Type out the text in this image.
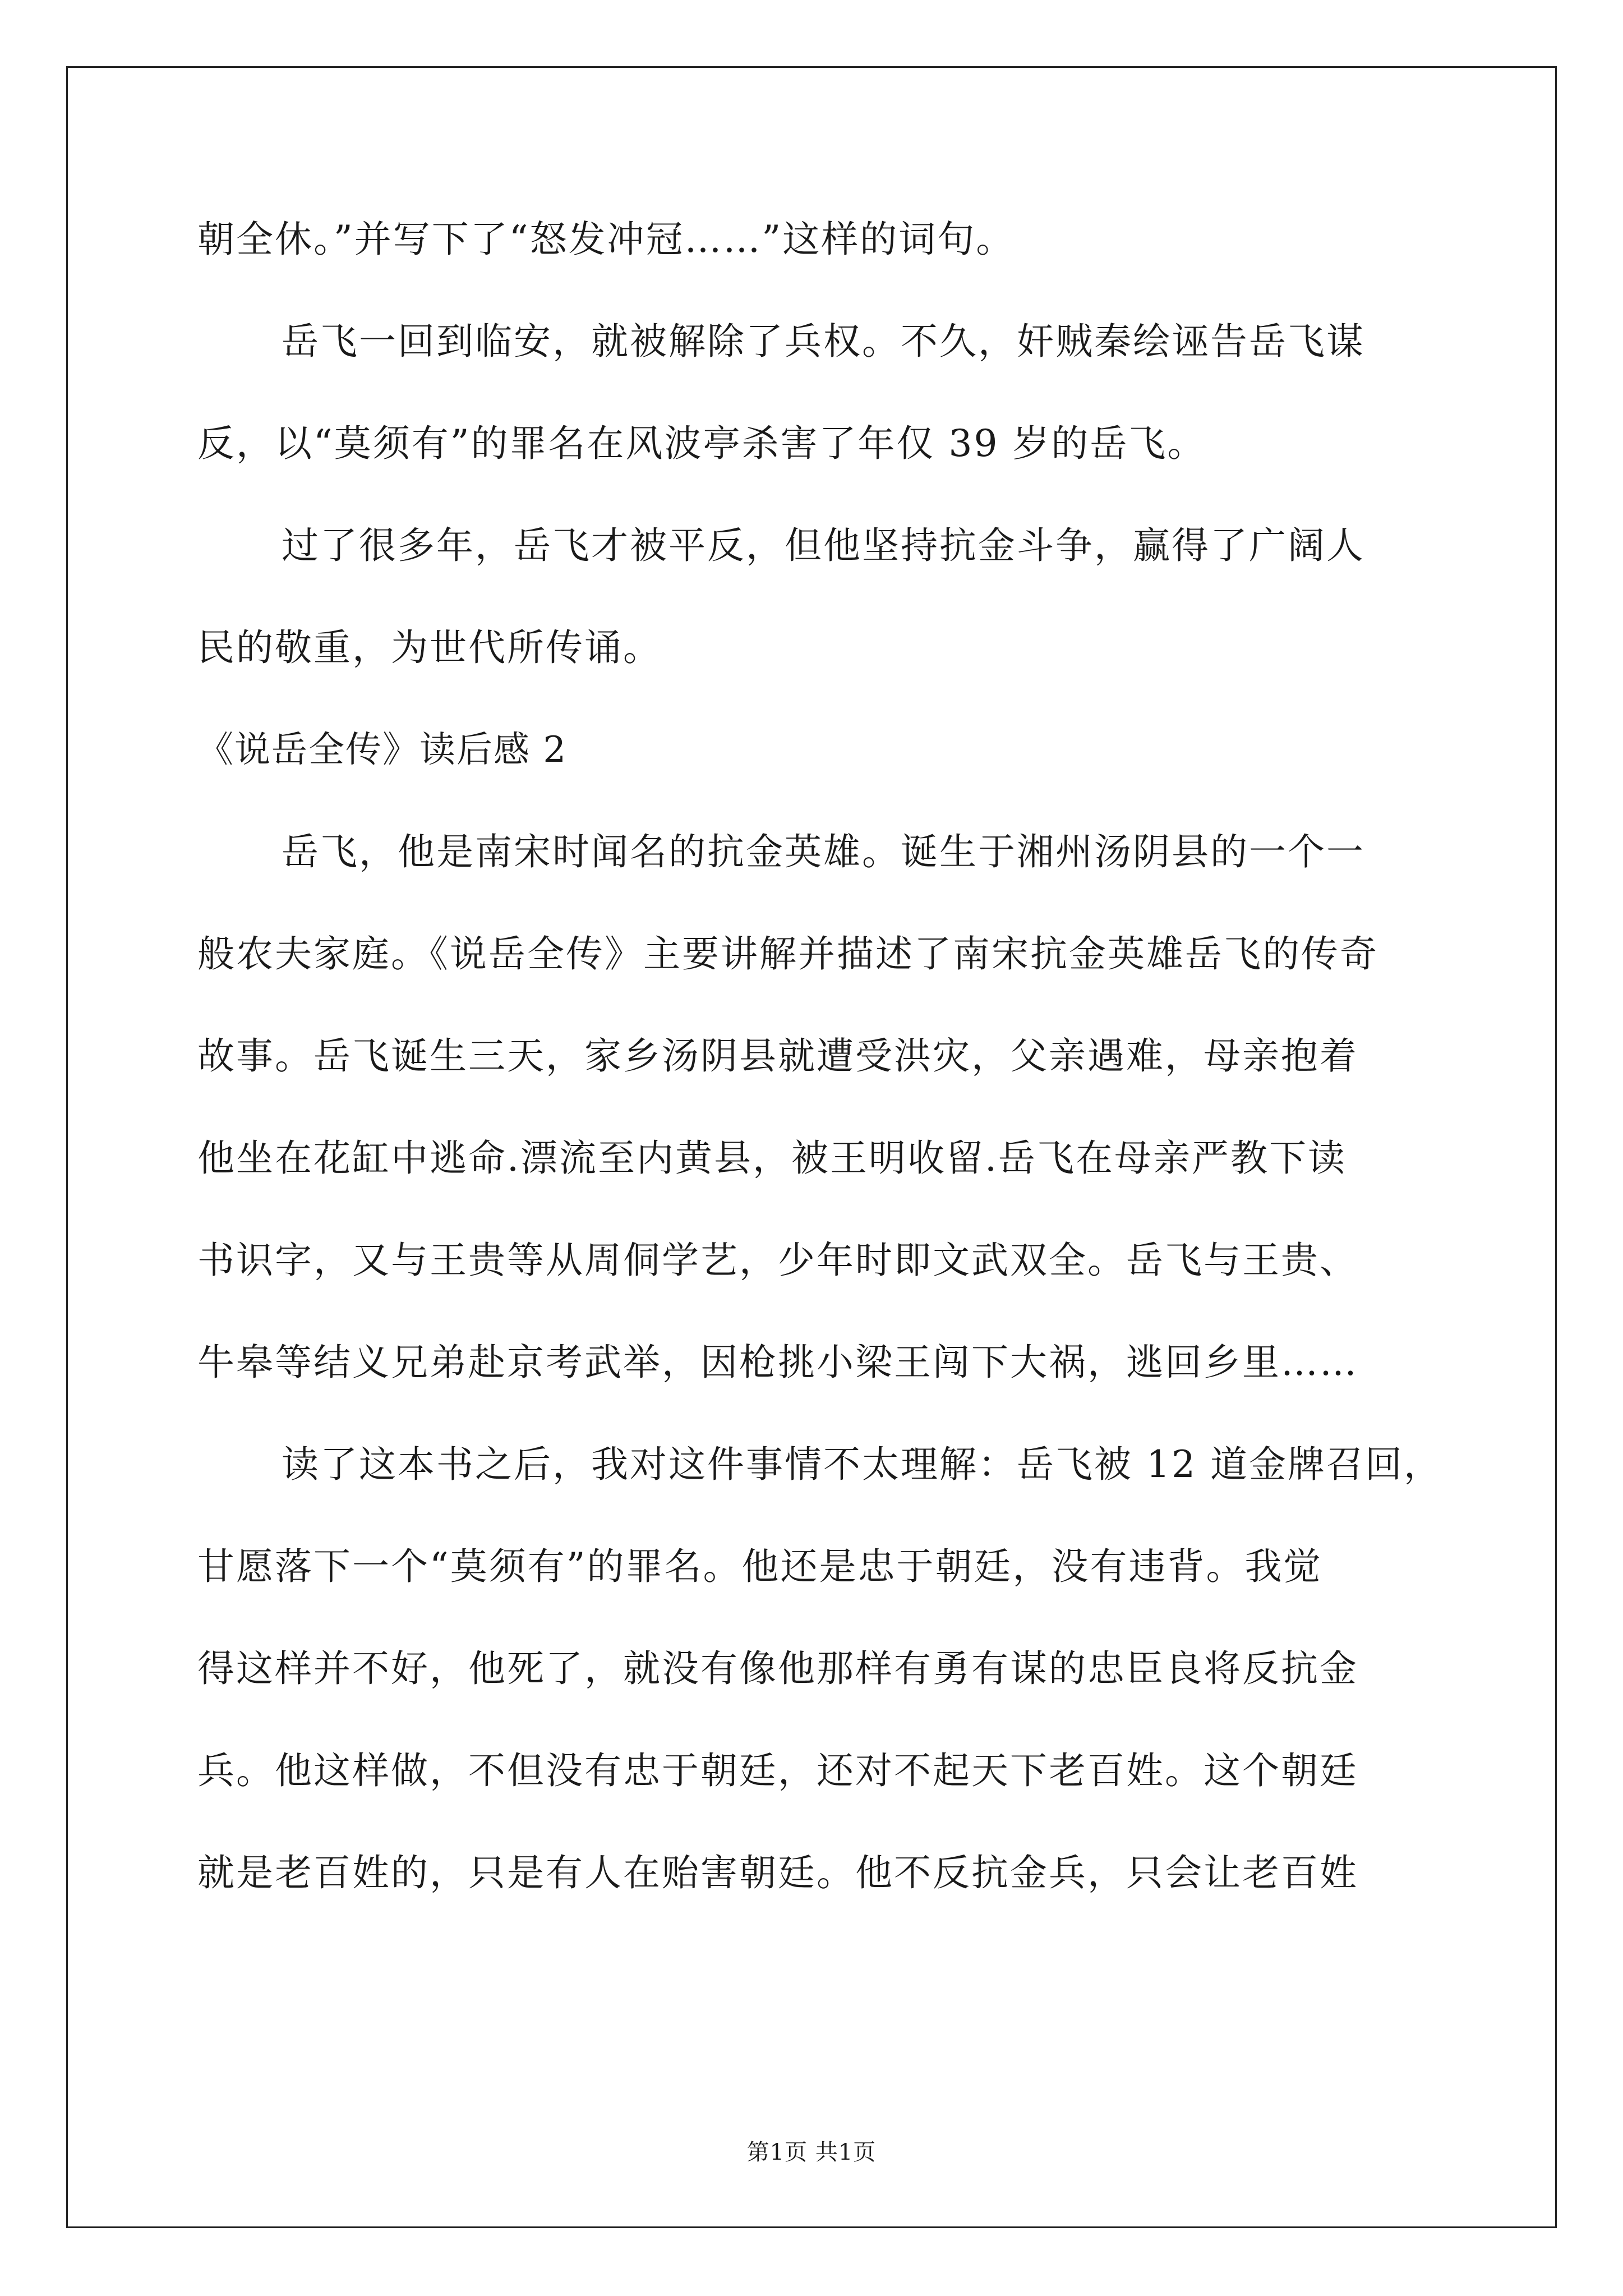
朝全休。”并写下了“怒发冲冠……”这样的词句。

岳飞一回到临安，就被解除了兵权。不久，奸贼秦绘诬告岳飞谋

反，以“莫须有”的罪名在风波亭杀害了年仅 39 岁的岳飞。

过了很多年，岳飞才被平反，但他坚持抗金斗争，赢得了广阔人

民的敬重，为世代所传诵。

《说岳全传》读后感 2

岳飞，他是南宋时闻名的抗金英雄。诞生于湘州汤阴县的一个一

般农夫家庭。《说岳全传》主要讲解并描述了南宋抗金英雄岳飞的传奇

故事。岳飞诞生三天，家乡汤阴县就遭受洪灾，父亲遇难，母亲抱着

他坐在花缸中逃命.漂流至内黄县，被王明收留.岳飞在母亲严教下读

书识字，又与王贵等从周侗学艺，少年时即文武双全。岳飞与王贵、

牛皋等结义兄弟赴京考武举，因枪挑小梁王闯下大祸，逃回乡里……

读了这本书之后，我对这件事情不太理解：岳飞被 12 道金牌召回，

甘愿落下一个“莫须有”的罪名。他还是忠于朝廷，没有违背。我觉

得这样并不好，他死了，就没有像他那样有勇有谋的忠臣良将反抗金

兵。他这样做，不但没有忠于朝廷，还对不起天下老百姓。这个朝廷

就是老百姓的，只是有人在贻害朝廷。他不反抗金兵，只会让老百姓

第1页 共1页
